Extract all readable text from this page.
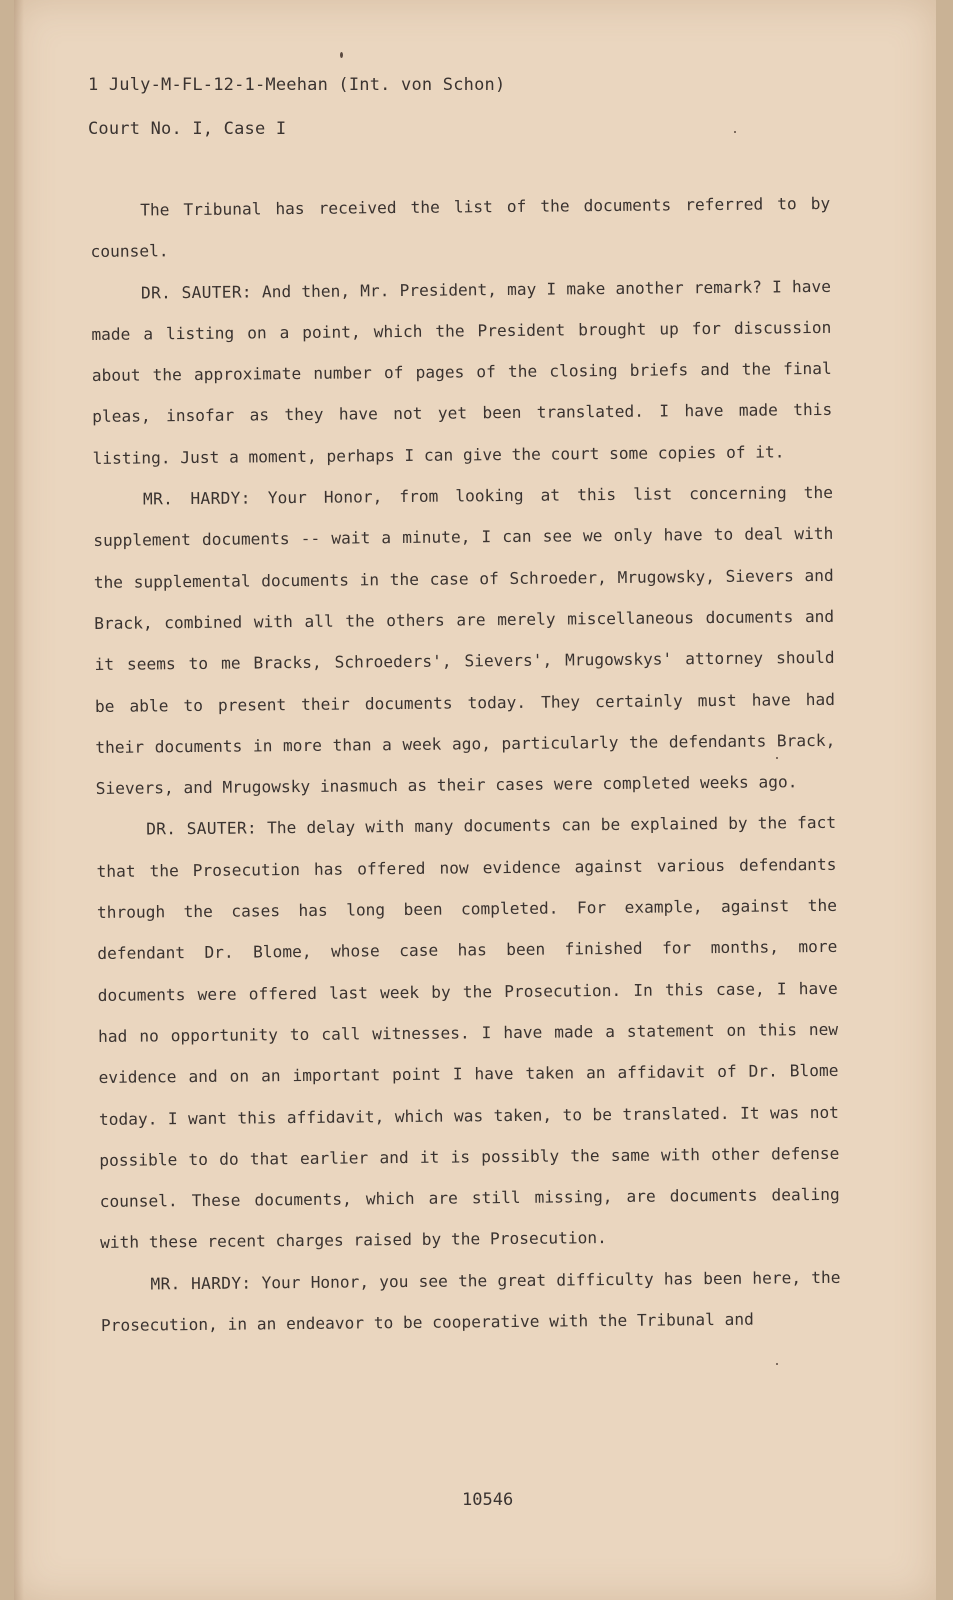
1 July-M-FL-12-1-Meehan (Int. von Schon)
Court No. I, Case I

The Tribunal has received the list of the documents referred to by counsel.

DR. SAUTER: And then, Mr. President, may I make another remark? I have made a listing on a point, which the President brought up for discussion about the approximate number of pages of the closing briefs and the final pleas, insofar as they have not yet been translated. I have made this listing. Just a moment, perhaps I can give the court some copies of it.

MR. HARDY: Your Honor, from looking at this list concerning the supplement documents -- wait a minute, I can see we only have to deal with the supplemental documents in the case of Schroeder, Mrugowsky, Sievers and Brack, combined with all the others are merely miscellaneous documents and it seems to me Bracks, Schroeders', Sievers', Mrugowskys' attorney should be able to present their documents today. They certainly must have had their documents in more than a week ago, particularly the defendants Brack, Sievers, and Mrugowsky inasmuch as their cases were completed weeks ago.

DR. SAUTER: The delay with many documents can be explained by the fact that the Prosecution has offered now evidence against various defendants through the cases has long been completed. For example, against the defendant Dr. Blome, whose case has been finished for months, more documents were offered last week by the Prosecution. In this case, I have had no opportunity to call witnesses. I have made a statement on this new evidence and on an important point I have taken an affidavit of Dr. Blome today. I want this affidavit, which was taken, to be translated. It was not possible to do that earlier and it is possibly the same with other defense counsel. These documents, which are still missing, are documents dealing with these recent charges raised by the Prosecution.

MR. HARDY: Your Honor, you see the great difficulty has been here, the Prosecution, in an endeavor to be cooperative with the Tribunal and

10546
